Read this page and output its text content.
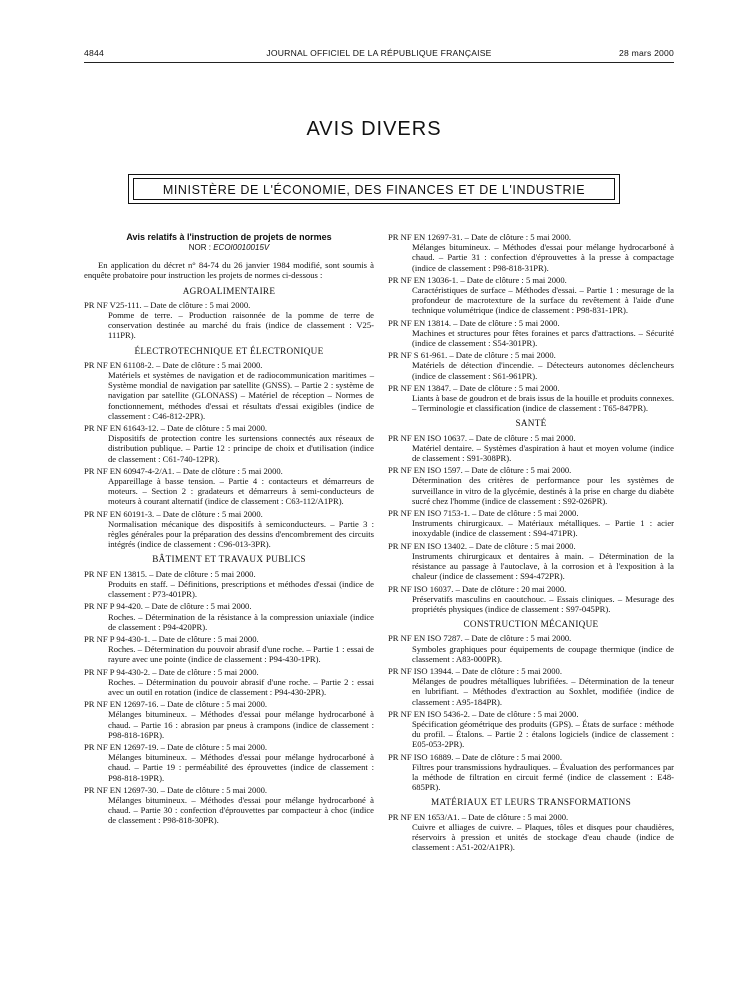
4844	JOURNAL OFFICIEL DE LA RÉPUBLIQUE FRANÇAISE	28 mars 2000
AVIS DIVERS
MINISTÈRE DE L'ÉCONOMIE, DES FINANCES ET DE L'INDUSTRIE
Avis relatifs à l'instruction de projets de normes
NOR : ECOI0010015V
En application du décret n° 84-74 du 26 janvier 1984 modifié, sont soumis à enquête probatoire pour instruction les projets de normes ci-dessous :
AGROALIMENTAIRE
PR NF V25-111. – Date de clôture : 5 mai 2000.
Pomme de terre. – Production raisonnée de la pomme de terre de conservation destinée au marché du frais (indice de classement : V25-111PR).
ÉLECTROTECHNIQUE ET ÉLECTRONIQUE
PR NF EN 61108-2. – Date de clôture : 5 mai 2000.
Matériels et systèmes de navigation et de radiocommunication maritimes – Système mondial de navigation par satellite (GNSS). – Partie 2 : système de navigation par satellite (GLONASS) – Matériel de réception – Normes de fonctionnement, méthodes d'essai et résultats d'essai exigibles (indice de classement : C46-812-2PR).
PR NF EN 61643-12. – Date de clôture : 5 mai 2000.
Dispositifs de protection contre les surtensions connectés aux réseaux de distribution publique. – Partie 12 : principe de choix et d'utilisation (indice de classement : C61-740-12PR).
PR NF EN 60947-4-2/A1. – Date de clôture : 5 mai 2000.
Appareillage à basse tension. – Partie 4 : contacteurs et démarreurs de moteurs. – Section 2 : gradateurs et démarreurs à semi-conducteurs de moteurs à courant alternatif (indice de classement : C63-112/A1PR).
PR NF EN 60191-3. – Date de clôture : 5 mai 2000.
Normalisation mécanique des dispositifs à semiconducteurs. – Partie 3 : règles générales pour la préparation des dessins d'encombrement des circuits intégrés (indice de classement : C96-013-3PR).
BÂTIMENT ET TRAVAUX PUBLICS
PR NF EN 13815. – Date de clôture : 5 mai 2000.
Produits en staff. – Définitions, prescriptions et méthodes d'essai (indice de classement : P73-401PR).
PR NF P 94-420. – Date de clôture : 5 mai 2000.
Roches. – Détermination de la résistance à la compression uniaxiale (indice de classement : P94-420PR).
PR NF P 94-430-1. – Date de clôture : 5 mai 2000.
Roches. – Détermination du pouvoir abrasif d'une roche. – Partie 1 : essai de rayure avec une pointe (indice de classement : P94-430-1PR).
PR NF P 94-430-2. – Date de clôture : 5 mai 2000.
Roches. – Détermination du pouvoir abrasif d'une roche. – Partie 2 : essai avec un outil en rotation (indice de classement : P94-430-2PR).
PR NF EN 12697-16. – Date de clôture : 5 mai 2000.
Mélanges bitumineux. – Méthodes d'essai pour mélange hydrocarboné à chaud. – Partie 16 : abrasion par pneus à crampons (indice de classement : P98-818-16PR).
PR NF EN 12697-19. – Date de clôture : 5 mai 2000.
Mélanges bitumineux. – Méthodes d'essai pour mélange hydrocarboné à chaud. – Partie 19 : perméabilité des éprouvettes (indice de classement : P98-818-19PR).
PR NF EN 12697-30. – Date de clôture : 5 mai 2000.
Mélanges bitumineux. – Méthodes d'essai pour mélange hydrocarboné à chaud. – Partie 30 : confection d'éprouvettes par compacteur à choc (indice de classement : P98-818-30PR).
PR NF EN 12697-31. – Date de clôture : 5 mai 2000.
Mélanges bitumineux. – Méthodes d'essai pour mélange hydrocarboné à chaud. – Partie 31 : confection d'éprouvettes à la presse à compactage (indice de classement : P98-818-31PR).
PR NF EN 13036-1. – Date de clôture : 5 mai 2000.
Caractéristiques de surface – Méthodes d'essai. – Partie 1 : mesurage de la profondeur de macrotexture de la surface du revêtement à l'aide d'une technique volumétrique (indice de classement : P98-831-1PR).
PR NF EN 13814. – Date de clôture : 5 mai 2000.
Machines et structures pour fêtes foraines et parcs d'attractions. – Sécurité (indice de classement : S54-301PR).
PR NF S 61-961. – Date de clôture : 5 mai 2000.
Matériels de détection d'incendie. – Détecteurs autonomes déclencheurs (indice de classement : S61-961PR).
PR NF EN 13847. – Date de clôture : 5 mai 2000.
Liants à base de goudron et de brais issus de la houille et produits connexes. – Terminologie et classification (indice de classement : T65-847PR).
SANTÉ
PR NF EN ISO 10637. – Date de clôture : 5 mai 2000.
Matériel dentaire. – Systèmes d'aspiration à haut et moyen volume (indice de classement : S91-308PR).
PR NF EN ISO 1597. – Date de clôture : 5 mai 2000.
Détermination des critères de performance pour les systèmes de surveillance in vitro de la glycémie, destinés à la prise en charge du diabète sucré chez l'homme (indice de classement : S92-026PR).
PR NF EN ISO 7153-1. – Date de clôture : 5 mai 2000.
Instruments chirurgicaux. – Matériaux métalliques. – Partie 1 : acier inoxydable (indice de classement : S94-471PR).
PR NF EN ISO 13402. – Date de clôture : 5 mai 2000.
Instruments chirurgicaux et dentaires à main. – Détermination de la résistance au passage à l'autoclave, à la corrosion et à l'exposition à la chaleur (indice de classement : S94-472PR).
PR NF ISO 16037. – Date de clôture : 20 mai 2000.
Préservatifs masculins en caoutchouc. – Essais cliniques. – Mesurage des propriétés physiques (indice de classement : S97-045PR).
CONSTRUCTION MÉCANIQUE
PR NF EN ISO 7287. – Date de clôture : 5 mai 2000.
Symboles graphiques pour équipements de coupage thermique (indice de classement : A83-000PR).
PR NF ISO 13944. – Date de clôture : 5 mai 2000.
Mélanges de poudres métalliques lubrifiées. – Détermination de la teneur en lubrifiant. – Méthodes d'extraction au Soxhlet, modifiée (indice de classement : A95-184PR).
PR NF EN ISO 5436-2. – Date de clôture : 5 mai 2000.
Spécification géométrique des produits (GPS). – États de surface : méthode du profil. – Étalons. – Partie 2 : étalons logiciels (indice de classement : E05-053-2PR).
PR NF ISO 16889. – Date de clôture : 5 mai 2000.
Filtres pour transmissions hydrauliques. – Évaluation des performances par la méthode de filtration en circuit fermé (indice de classement : E48-685PR).
MATÉRIAUX ET LEURS TRANSFORMATIONS
PR NF EN 1653/A1. – Date de clôture : 5 mai 2000.
Cuivre et alliages de cuivre. – Plaques, tôles et disques pour chaudières, réservoirs à pression et unités de stockage d'eau chaude (indice de classement : A51-202/A1PR).
